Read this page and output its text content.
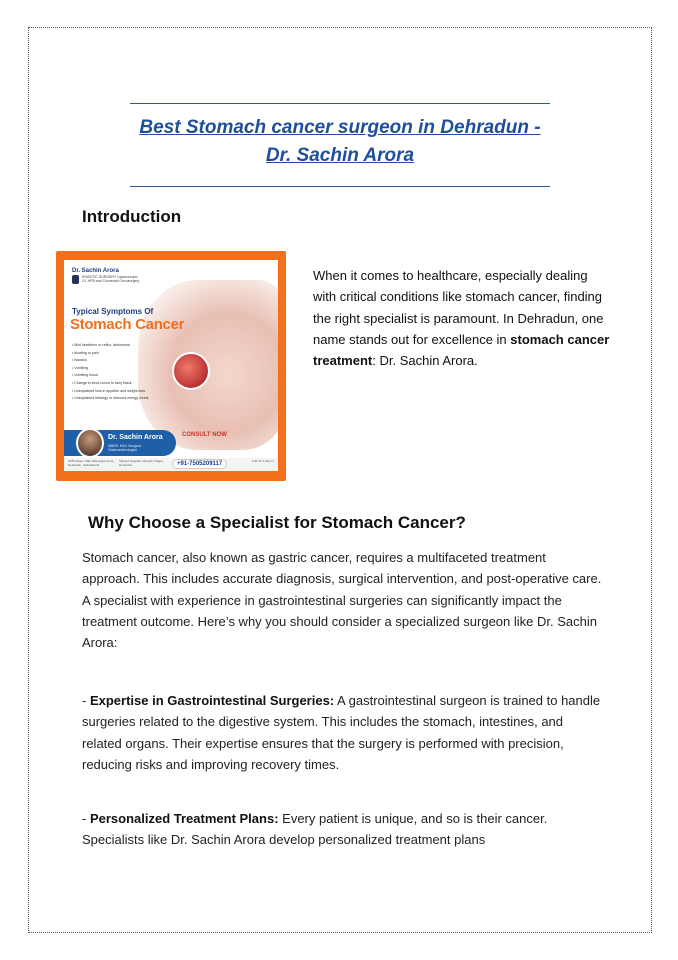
Best Stomach cancer surgeon in Dehradun -
Dr. Sachin Arora
Introduction
Dr. Sachin Arora
ROBOTIC SURGERY Laparoscopic GI, HPB and Colorectal Oncosurgery
Typical Symptoms Of
Stomach Cancer
• Mild heartburn or reflux, abdominal
• bloating or pain
• Nausea
• Vomiting
• Vomiting blood
• Change in stool colour to tarry black
• Unexplained loss in appetite and weight loss
• Unexplained lethargy or reduced energy levels
Dr. Sachin Arora
MBBS, MCh Surgical Gastroenterologist
CONSULT NOW
GMS Road, Tilak Villa Apartments, Dehradun, Uttarakhand
Velmed Hospital, Chander Nagar, Dehradun	+91-7505209117	6:30 To 7:30 pm

When it comes to healthcare, especially dealing with critical conditions like stomach cancer, finding the right specialist is paramount. In Dehradun, one name stands out for excellence in stomach cancer treatment: Dr. Sachin Arora.

Why Choose a Specialist for Stomach Cancer?

Stomach cancer, also known as gastric cancer, requires a multifaceted treatment approach. This includes accurate diagnosis, surgical intervention, and post-operative care. A specialist with experience in gastrointestinal surgeries can significantly impact the treatment outcome. Here’s why you should consider a specialized surgeon like Dr. Sachin Arora:

- Expertise in Gastrointestinal Surgeries: A gastrointestinal surgeon is trained to handle surgeries related to the digestive system. This includes the stomach, intestines, and related organs. Their expertise ensures that the surgery is performed with precision, reducing risks and improving recovery times.

- Personalized Treatment Plans: Every patient is unique, and so is their cancer. Specialists like Dr. Sachin Arora develop personalized treatment plans
